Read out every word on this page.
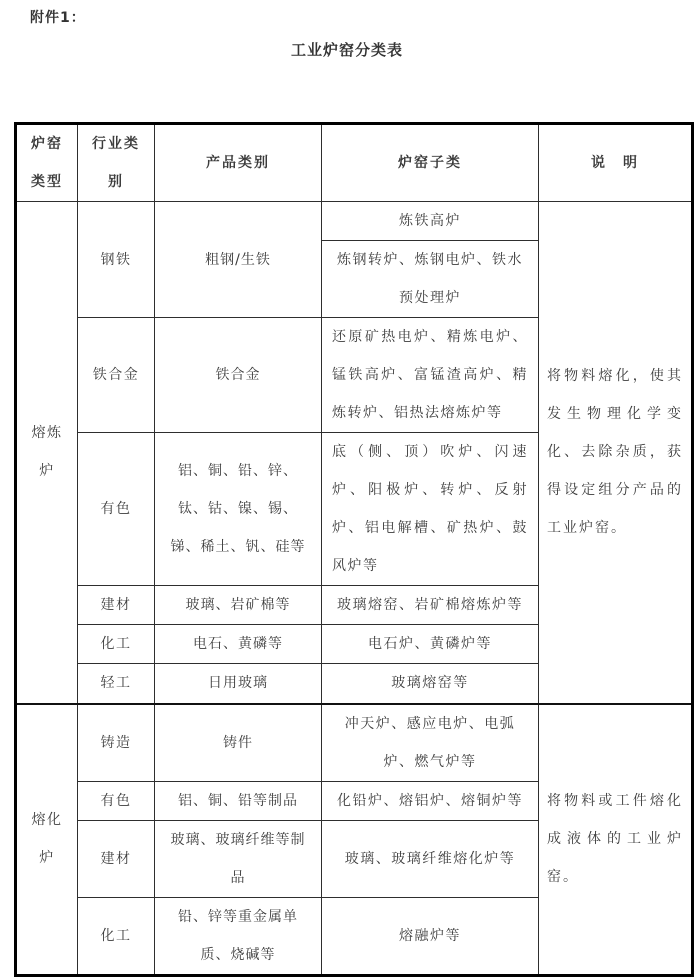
附件1：
工业炉窑分类表
炉窑类型	行业类别	产品类别	炉窑子类	说　明
熔炼炉	钢铁	粗钢/生铁	炼铁高炉	将物料熔化，使其发生物理化学变化、去除杂质，获得设定组分产品的工业炉窑。
			炼钢转炉、炼钢电炉、铁水预处理炉	
	铁合金	铁合金	还原矿热电炉、精炼电炉、锰铁高炉、富锰渣高炉、精炼转炉、铝热法熔炼炉等	
	有色	铝、铜、铅、锌、钛、钴、镍、锡、锑、稀土、钒、硅等	底（侧、顶）吹炉、闪速炉、阳极炉、转炉、反射炉、铝电解槽、矿热炉、鼓风炉等	
	建材	玻璃、岩矿棉等	玻璃熔窑、岩矿棉熔炼炉等	
	化工	电石、黄磷等	电石炉、黄磷炉等	
	轻工	日用玻璃	玻璃熔窑等	
熔化炉	铸造	铸件	冲天炉、感应电炉、电弧炉、燃气炉等	将物料或工件熔化成液体的工业炉窑。
	有色	铝、铜、铅等制品	化铅炉、熔铝炉、熔铜炉等	
	建材	玻璃、玻璃纤维等制品	玻璃、玻璃纤维熔化炉等	
	化工	铅、锌等重金属单质、烧碱等	熔融炉等	
